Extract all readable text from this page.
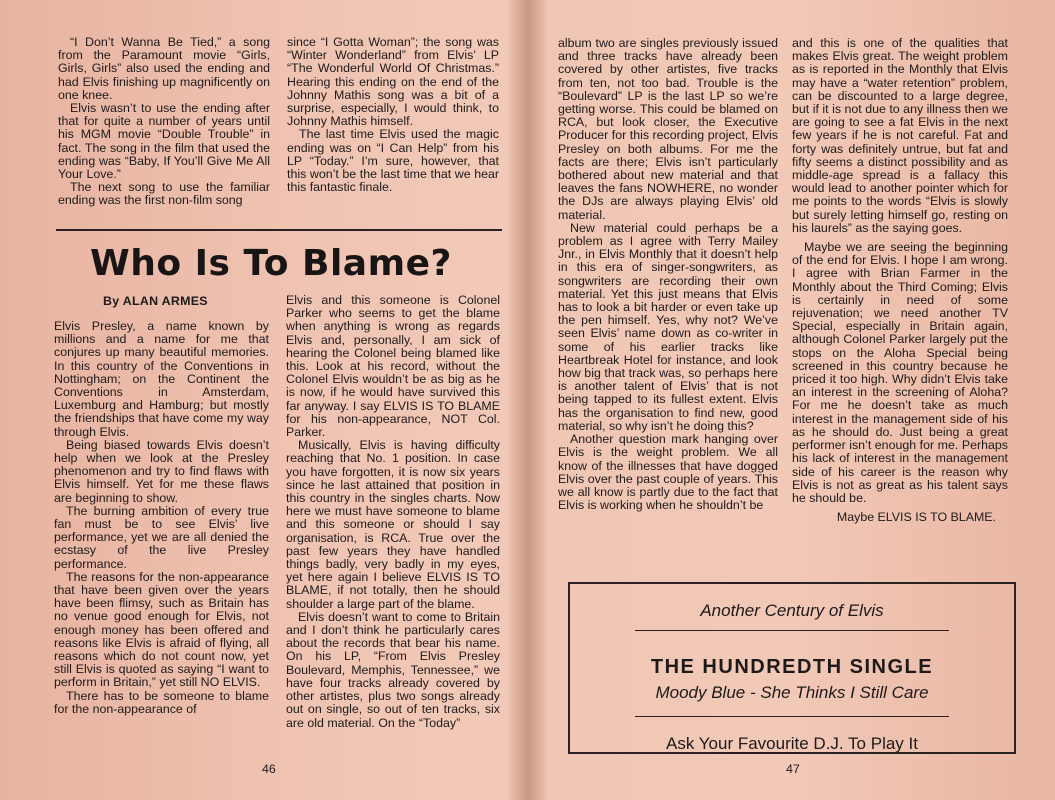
“I Don’t Wanna Be Tied,” a song from the Paramount movie “Girls, Girls, Girls” also used the ending and had Elvis finishing up magnificently on one knee.

Elvis wasn’t to use the ending after that for quite a number of years until his MGM movie “Double Trouble” in fact. The song in the film that used the ending was “Baby, If You’ll Give Me All Your Love.”

The next song to use the familiar ending was the first non-film song

since “I Gotta Woman”; the song was “Winter Wonderland” from Elvis’ LP “The Wonderful World Of Christmas.” Hearing this ending on the end of the Johnny Mathis song was a bit of a surprise, especially, I would think, to Johnny Mathis himself.

The last time Elvis used the magic ending was on “I Can Help” from his LP “Today.” I’m sure, however, that this won’t be the last time that we hear this fantastic finale.

Who Is To Blame?
By ALAN ARMES

Elvis Presley, a name known by millions and a name for me that conjures up many beautiful memories. In this country of the Conventions in Nottingham; on the Continent the Conventions in Amsterdam, Luxemburg and Hamburg; but mostly the friendships that have come my way through Elvis.

Being biased towards Elvis doesn’t help when we look at the Presley phenomenon and try to find flaws with Elvis himself. Yet for me these flaws are beginning to show.

The burning ambition of every true fan must be to see Elvis’ live performance, yet we are all denied the ecstasy of the live Presley performance.

The reasons for the non-appearance that have been given over the years have been flimsy, such as Britain has no venue good enough for Elvis, not enough money has been offered and reasons like Elvis is afraid of flying, all reasons which do not count now, yet still Elvis is quoted as saying “I want to perform in Britain,” yet still NO ELVIS.

There has to be someone to blame for the non-appearance of

Elvis and this someone is Colonel Parker who seems to get the blame when anything is wrong as regards Elvis and, personally, I am sick of hearing the Colonel being blamed like this. Look at his record, without the Colonel Elvis wouldn’t be as big as he is now, if he would have survived this far anyway. I say ELVIS IS TO BLAME for his non-appearance, NOT Col. Parker.

Musically, Elvis is having difficulty reaching that No. 1 position. In case you have forgotten, it is now six years since he last attained that position in this country in the singles charts. Now here we must have someone to blame and this someone or should I say organisation, is RCA. True over the past few years they have handled things badly, very badly in my eyes, yet here again I believe ELVIS IS TO BLAME, if not totally, then he should shoulder a large part of the blame.

Elvis doesn’t want to come to Britain and I don’t think he particularly cares about the records that bear his name. On his LP, “From Elvis Presley Boulevard, Memphis, Tennessee,” we have four tracks already covered by other artistes, plus two songs already out on single, so out of ten tracks, six are old material. On the “Today”

46

album two are singles previously issued and three tracks have already been covered by other artistes, five tracks from ten, not too bad. Trouble is the “Boulevard” LP is the last LP so we’re getting worse. This could be blamed on RCA, but look closer, the Executive Producer for this recording project, Elvis Presley on both albums. For me the facts are there; Elvis isn’t particularly bothered about new material and that leaves the fans NOWHERE, no wonder the DJs are always playing Elvis’ old material.

New material could perhaps be a problem as I agree with Terry Mailey Jnr., in Elvis Monthly that it doesn’t help in this era of singer-songwriters, as songwriters are recording their own material. Yet this just means that Elvis has to look a bit harder or even take up the pen himself. Yes, why not? We’ve seen Elvis’ name down as co-writer in some of his earlier tracks like Heartbreak Hotel for instance, and look how big that track was, so perhaps here is another talent of Elvis’ that is not being tapped to its fullest extent. Elvis has the organisation to find new, good material, so why isn’t he doing this?

Another question mark hanging over Elvis is the weight problem. We all know of the illnesses that have dogged Elvis over the past couple of years. This we all know is partly due to the fact that Elvis is working when he shouldn’t be

and this is one of the qualities that makes Elvis great. The weight problem as is reported in the Monthly that Elvis may have a “water retention” problem, can be discounted to a large degree, but if it is not due to any illness then we are going to see a fat Elvis in the next few years if he is not careful. Fat and forty was definitely untrue, but fat and fifty seems a distinct possibility and as middle-age spread is a fallacy this would lead to another pointer which for me points to the words “Elvis is slowly but surely letting himself go, resting on his laurels” as the saying goes.

Maybe we are seeing the beginning of the end for Elvis. I hope I am wrong. I agree with Brian Farmer in the Monthly about the Third Coming; Elvis is certainly in need of some rejuvenation; we need another TV Special, especially in Britain again, although Colonel Parker largely put the stops on the Aloha Special being screened in this country because he priced it too high. Why didn’t Elvis take an interest in the screening of Aloha? For me he doesn’t take as much interest in the management side of his as he should do. Just being a great performer isn’t enough for me. Perhaps his lack of interest in the management side of his career is the reason why Elvis is not as great as his talent says he should be.

Maybe ELVIS IS TO BLAME.

Another Century of Elvis
THE HUNDREDTH SINGLE
Moody Blue - She Thinks I Still Care
Ask Your Favourite D.J. To Play It
47
